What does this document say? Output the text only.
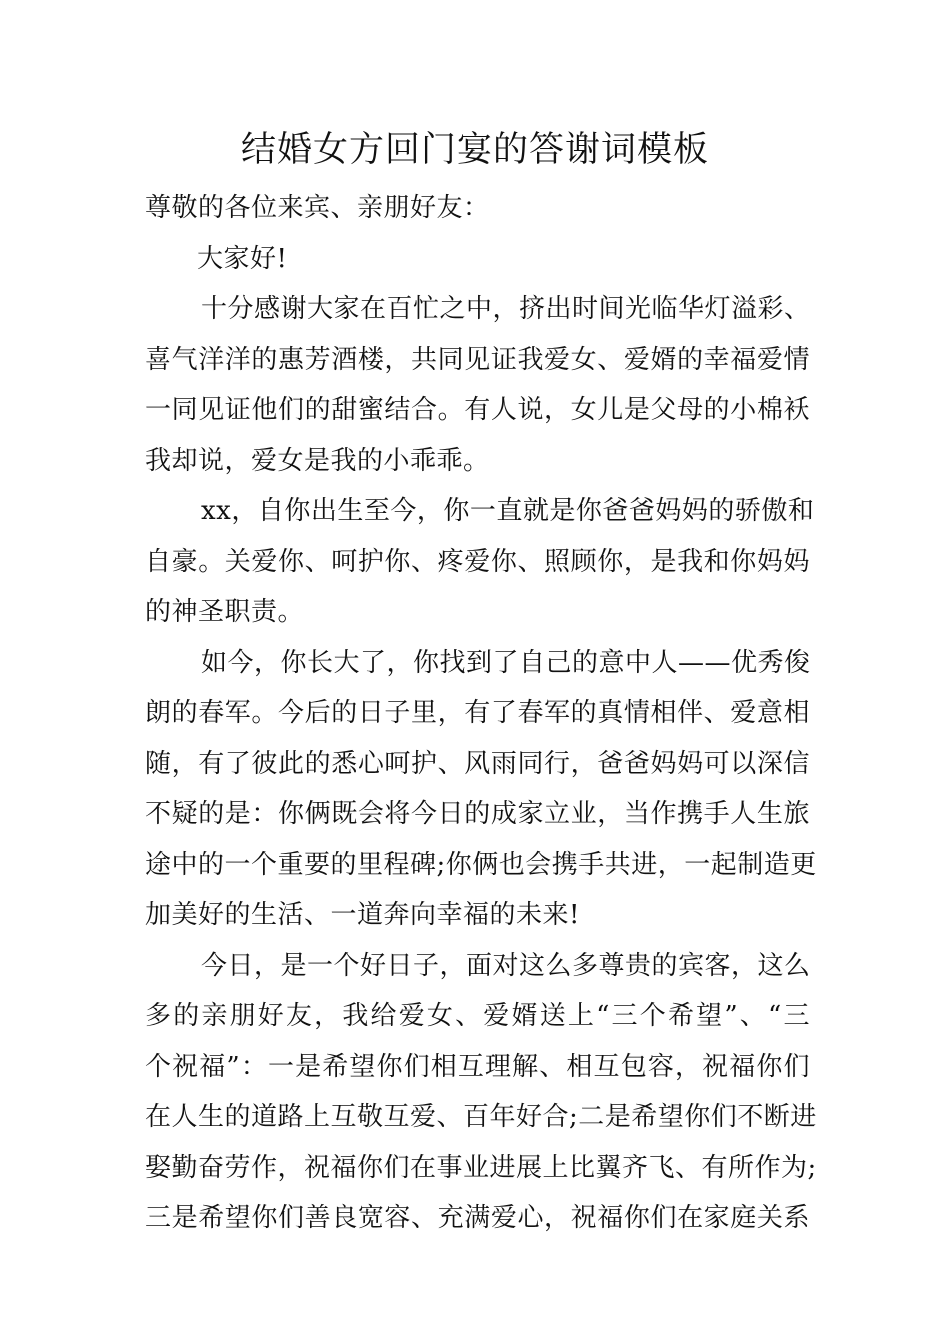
结婚女方回门宴的答谢词模板
尊敬的各位来宾、亲朋好友：
大家好!
十分感谢大家在百忙之中，挤出时间光临华灯溢彩、
喜气洋洋的惠芳酒楼，共同见证我爱女、爱婿的幸福爱情
一同见证他们的甜蜜结合。有人说，女儿是父母的小棉袄
我却说，爱女是我的小乖乖。
xx，自你出生至今，你一直就是你爸爸妈妈的骄傲和
自豪。关爱你、呵护你、疼爱你、照顾你，是我和你妈妈
的神圣职责。
如今，你长大了，你找到了自己的意中人——优秀俊
朗的春军。今后的日子里，有了春军的真情相伴、爱意相
随，有了彼此的悉心呵护、风雨同行，爸爸妈妈可以深信
不疑的是：你俩既会将今日的成家立业，当作携手人生旅
途中的一个重要的里程碑;你俩也会携手共进，一起制造更
加美好的生活、一道奔向幸福的未来!
今日，是一个好日子，面对这么多尊贵的宾客，这么
多的亲朋好友，我给爱女、爱婿送上“三个希望”、“三
个祝福”：一是希望你们相互理解、相互包容，祝福你们
在人生的道路上互敬互爱、百年好合;二是希望你们不断进
娶勤奋劳作，祝福你们在事业进展上比翼齐飞、有所作为;
三是希望你们善良宽容、充满爱心，祝福你们在家庭关系
